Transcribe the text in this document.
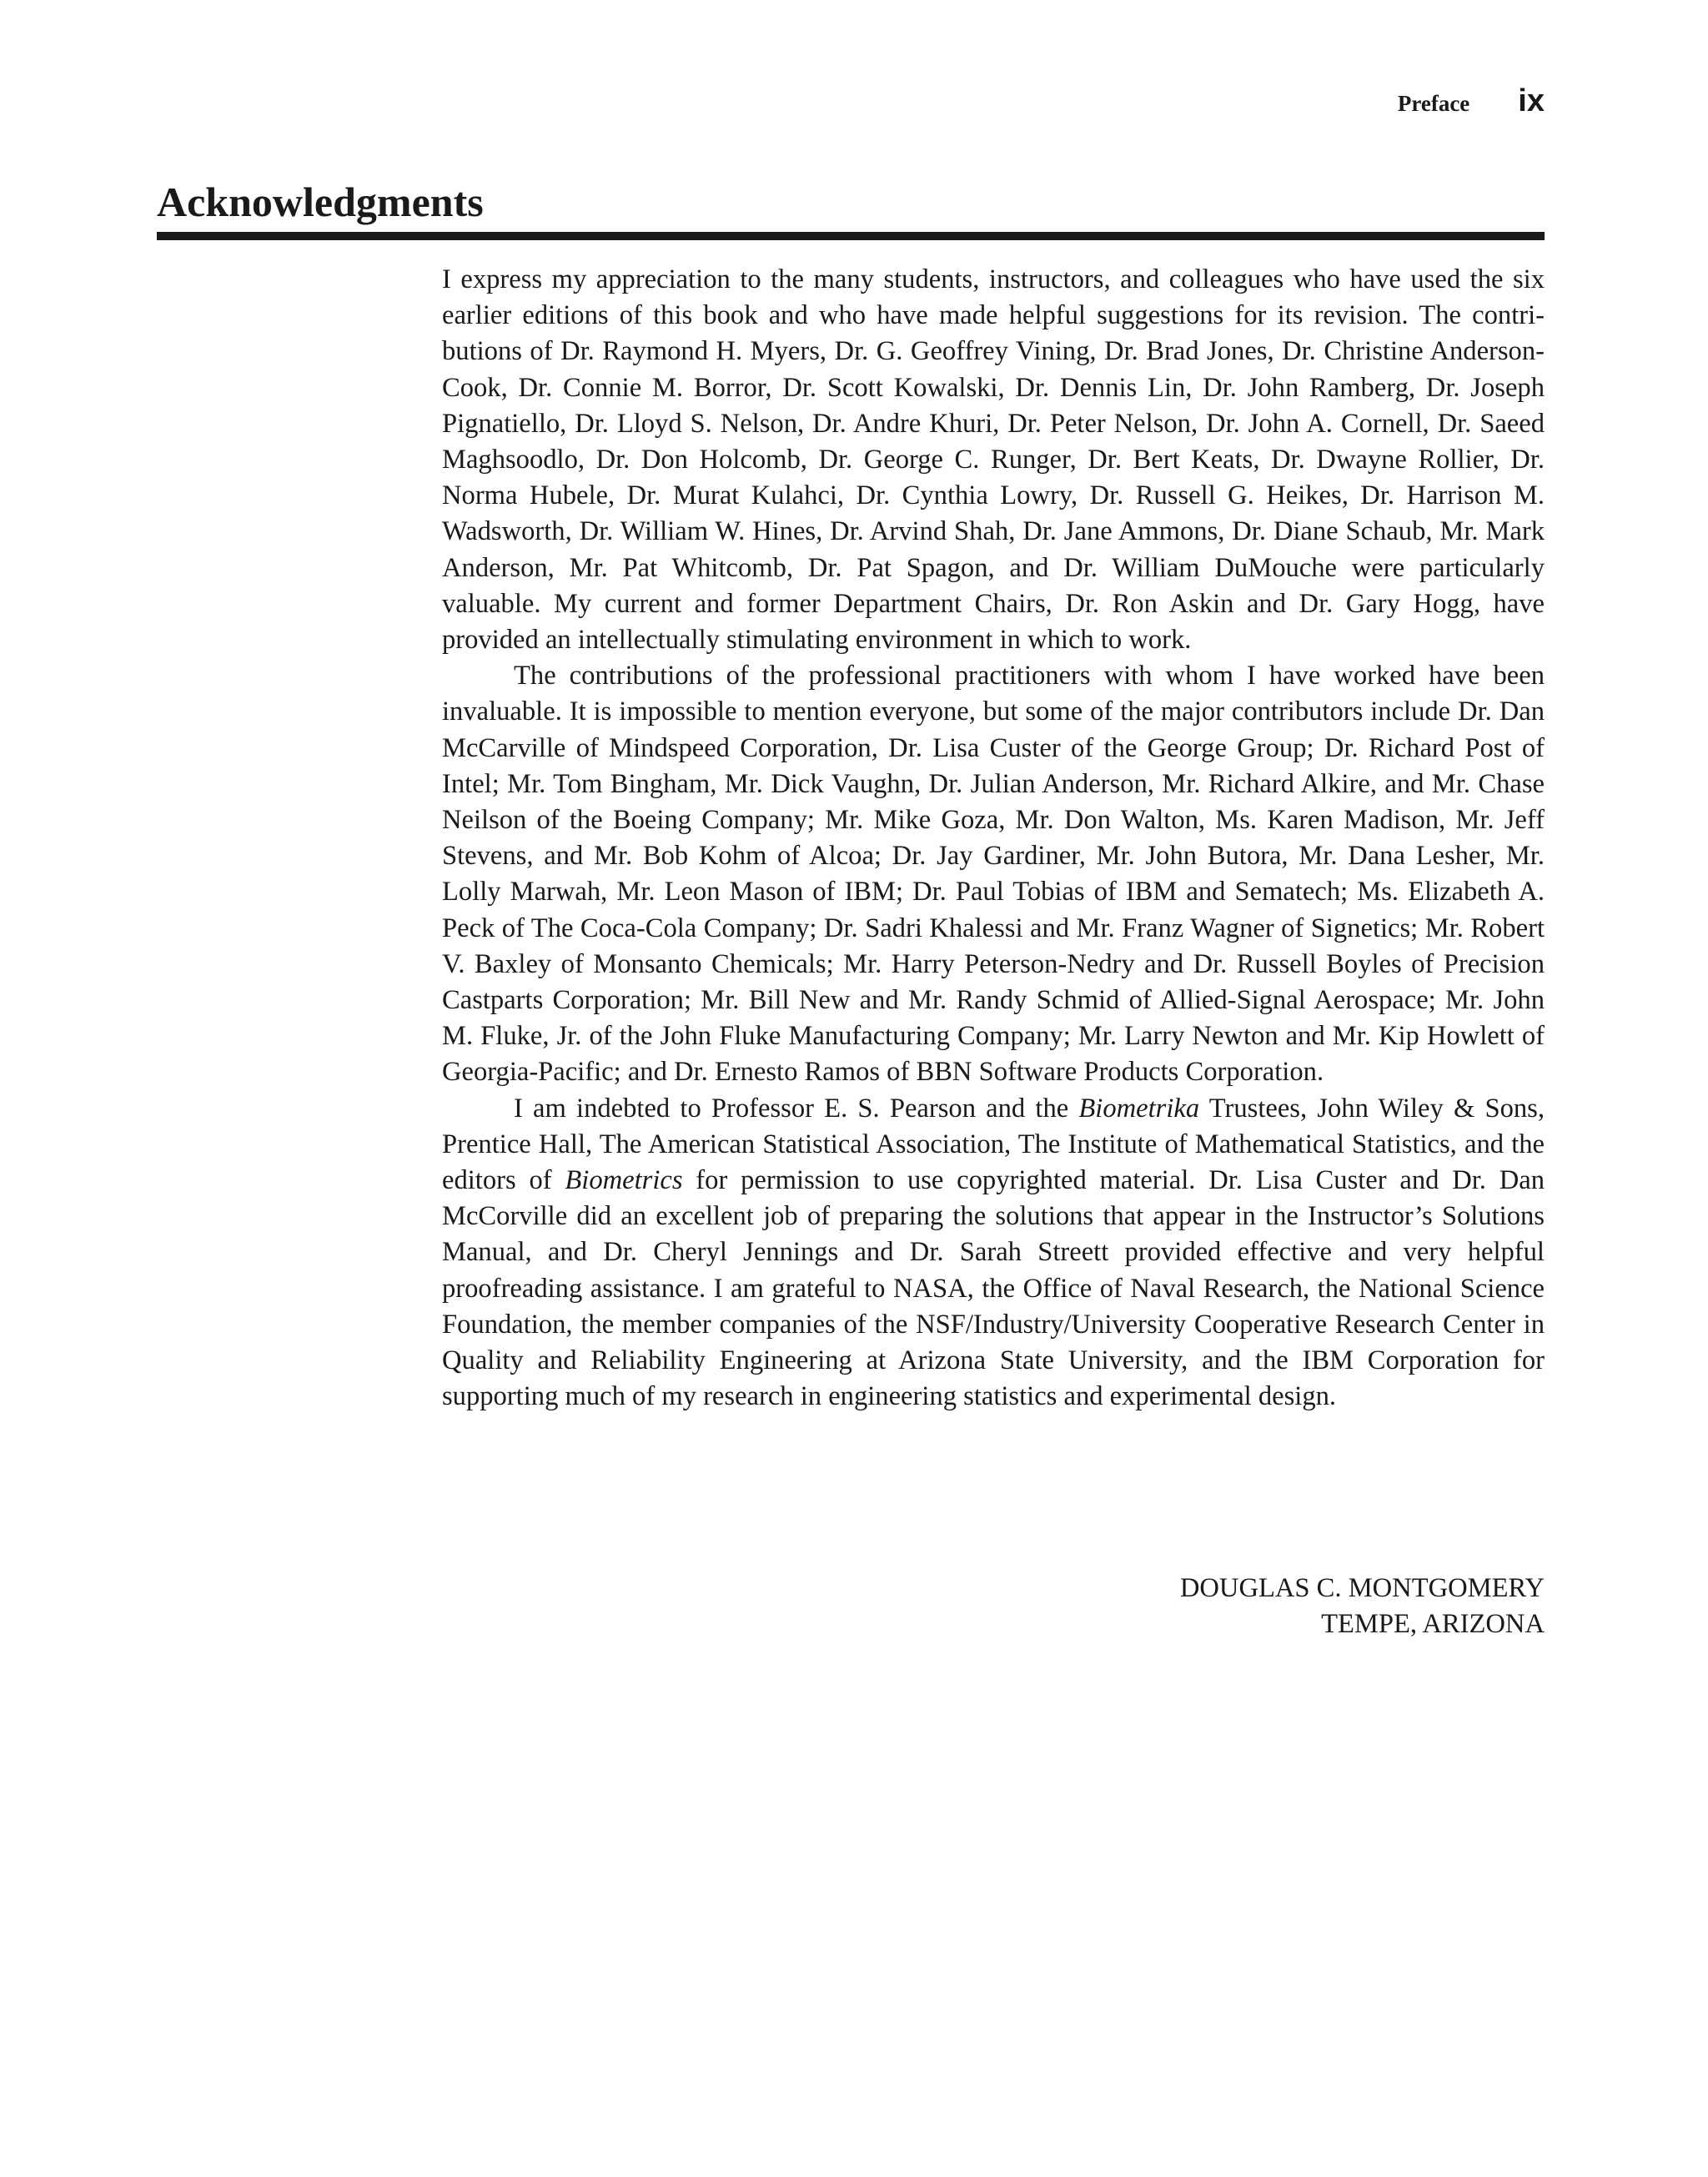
Preface ix
Acknowledgments

I express my appreciation to the many students, instructors, and colleagues who have used the six earlier editions of this book and who have made helpful suggestions for its revision. The contributions of Dr. Raymond H. Myers, Dr. G. Geoffrey Vining, Dr. Brad Jones, Dr. Christine Anderson-Cook, Dr. Connie M. Borror, Dr. Scott Kowalski, Dr. Dennis Lin, Dr. John Ramberg, Dr. Joseph Pignatiello, Dr. Lloyd S. Nelson, Dr. Andre Khuri, Dr. Peter Nelson, Dr. John A. Cornell, Dr. Saeed Maghsoodlo, Dr. Don Holcomb, Dr. George C. Runger, Dr. Bert Keats, Dr. Dwayne Rollier, Dr. Norma Hubele, Dr. Murat Kulahci, Dr. Cynthia Lowry, Dr. Russell G. Heikes, Dr. Harrison M. Wadsworth, Dr. William W. Hines, Dr. Arvind Shah, Dr. Jane Ammons, Dr. Diane Schaub, Mr. Mark Anderson, Mr. Pat Whitcomb, Dr. Pat Spagon, and Dr. William DuMouche were particularly valuable. My current and former Department Chairs, Dr. Ron Askin and Dr. Gary Hogg, have provided an intellectually stimulating environment in which to work.

The contributions of the professional practitioners with whom I have worked have been invaluable. It is impossible to mention everyone, but some of the major contributors include Dr. Dan McCarville of Mindspeed Corporation, Dr. Lisa Custer of the George Group; Dr. Richard Post of Intel; Mr. Tom Bingham, Mr. Dick Vaughn, Dr. Julian Anderson, Mr. Richard Alkire, and Mr. Chase Neilson of the Boeing Company; Mr. Mike Goza, Mr. Don Walton, Ms. Karen Madison, Mr. Jeff Stevens, and Mr. Bob Kohm of Alcoa; Dr. Jay Gardiner, Mr. John Butora, Mr. Dana Lesher, Mr. Lolly Marwah, Mr. Leon Mason of IBM; Dr. Paul Tobias of IBM and Sematech; Ms. Elizabeth A. Peck of The Coca-Cola Company; Dr. Sadri Khalessi and Mr. Franz Wagner of Signetics; Mr. Robert V. Baxley of Monsanto Chemicals; Mr. Harry Peterson-Nedry and Dr. Russell Boyles of Precision Castparts Corporation; Mr. Bill New and Mr. Randy Schmid of Allied-Signal Aerospace; Mr. John M. Fluke, Jr. of the John Fluke Manufacturing Company; Mr. Larry Newton and Mr. Kip Howlett of Georgia-Pacific; and Dr. Ernesto Ramos of BBN Software Products Corporation.

I am indebted to Professor E. S. Pearson and the Biometrika Trustees, John Wiley & Sons, Prentice Hall, The American Statistical Association, The Institute of Mathematical Statistics, and the editors of Biometrics for permission to use copyrighted material. Dr. Lisa Custer and Dr. Dan McCorville did an excellent job of preparing the solutions that appear in the Instructor’s Solutions Manual, and Dr. Cheryl Jennings and Dr. Sarah Streett provided effective and very helpful proofreading assistance. I am grateful to NASA, the Office of Naval Research, the National Science Foundation, the member companies of the NSF/Industry/University Cooperative Research Center in Quality and Reliability Engineering at Arizona State University, and the IBM Corporation for supporting much of my research in engineering statistics and experimental design.

DOUGLAS C. MONTGOMERY
TEMPE, ARIZONA
